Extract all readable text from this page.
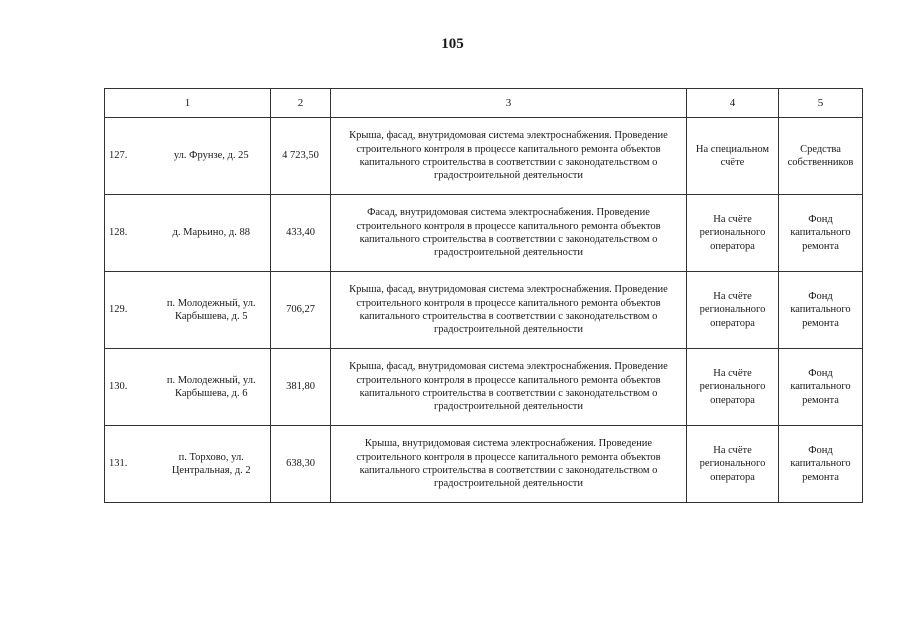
105
1		2	3	4	5
127.	ул. Фрунзе, д. 25	4 723,50	Крыша, фасад, внутридомовая система электроснабжения. Проведение строительного контроля в процессе капитального ремонта объектов капитального строительства в соответствии с законодательством о градостроительной деятельности	На специальном счёте	Средства собственников
128.	д. Марьино, д. 88	433,40	Фасад, внутридомовая система электроснабжения. Проведение строительного контроля в процессе капитального ремонта объектов капитального строительства в соответствии с законодательством о градостроительной деятельности	На счёте регионального оператора	Фонд капитального ремонта
129.	п. Молодежный, ул. Карбышева, д. 5	706,27	Крыша, фасад, внутридомовая система электроснабжения. Проведение строительного контроля в процессе капитального ремонта объектов капитального строительства в соответствии с законодательством о градостроительной деятельности	На счёте регионального оператора	Фонд капитального ремонта
130.	п. Молодежный, ул. Карбышева, д. 6	381,80	Крыша, фасад, внутридомовая система электроснабжения. Проведение строительного контроля в процессе капитального ремонта объектов капитального строительства в соответствии с законодательством о градостроительной деятельности	На счёте регионального оператора	Фонд капитального ремонта
131.	п. Торхово, ул. Центральная, д. 2	638,30	Крыша, внутридомовая система электроснабжения. Проведение строительного контроля в процессе капитального ремонта объектов капитального строительства в соответствии с законодательством о градостроительной деятельности	На счёте регионального оператора	Фонд капитального ремонта
